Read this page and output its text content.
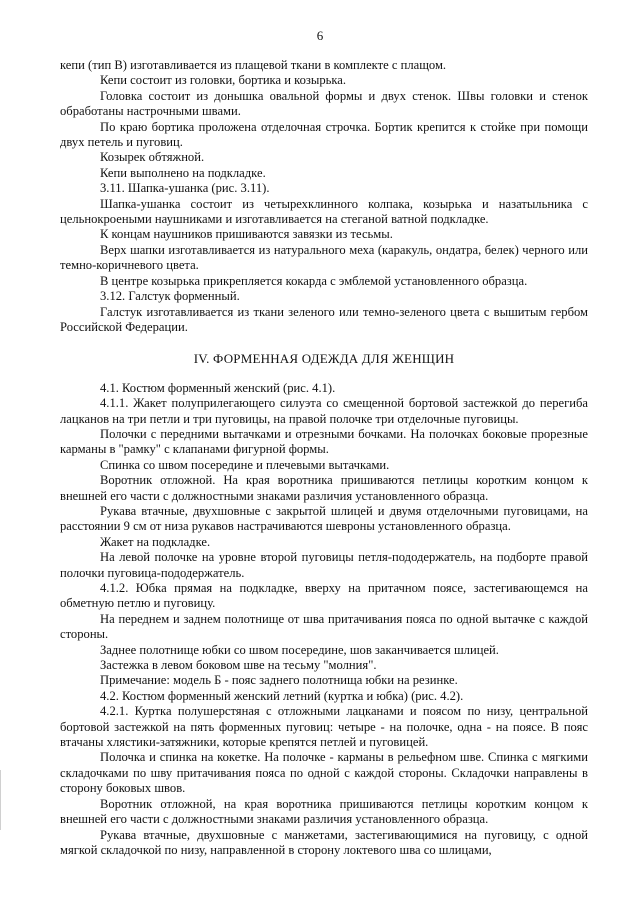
6

кепи (тип В) изготавливается из плащевой ткани в комплекте с плащом.

Кепи состоит из головки, бортика и козырька.

Головка состоит из донышка овальной формы и двух стенок. Швы головки и стенок обработаны настрочными швами.

По краю бортика проложена отделочная строчка. Бортик крепится к стойке при помощи двух петель и пуговиц.

Козырек обтяжной.

Кепи выполнено на подкладке.

3.11. Шапка-ушанка (рис. 3.11).

Шапка-ушанка состоит из четырехклинного колпака, козырька и назатыльника с цельнокроеными наушниками и изготавливается на стеганой ватной подкладке.

К концам наушников пришиваются завязки из тесьмы.

Верх шапки изготавливается из натурального меха (каракуль, ондатра, белек) черного или темно-коричневого цвета.

В центре козырька прикрепляется кокарда с эмблемой установленного образца.

3.12. Галстук форменный.

Галстук изготавливается из ткани зеленого или темно-зеленого цвета с вышитым гербом Российской Федерации.

IV. ФОРМЕННАЯ ОДЕЖДА ДЛЯ ЖЕНЩИН

4.1. Костюм форменный женский (рис. 4.1).

4.1.1. Жакет полуприлегающего силуэта со смещенной бортовой застежкой до перегиба лацканов на три петли и три пуговицы, на правой полочке три отделочные пуговицы.

Полочки с передними вытачками и отрезными бочками. На полочках боковые прорезные карманы в "рамку" с клапанами фигурной формы.

Спинка со швом посередине и плечевыми вытачками.

Воротник отложной. На края воротника пришиваются петлицы коротким концом к внешней его части с должностными знаками различия установленного образца.

Рукава втачные, двухшовные с закрытой шлицей и двумя отделочными пуговицами, на расстоянии 9 см от низа рукавов настрачиваются шевроны установленного образца.

Жакет на подкладке.

На левой полочке на уровне второй пуговицы петля-пододержатель, на подборте правой полочки пуговица-пододержатель.

4.1.2. Юбка прямая на подкладке, вверху на притачном поясе, застегивающемся на обметную петлю и пуговицу.

На переднем и заднем полотнище от шва притачивания пояса по одной вытачке с каждой стороны.

Заднее полотнище юбки со швом посередине, шов заканчивается шлицей.

Застежка в левом боковом шве на тесьму "молния".

Примечание: модель Б - пояс заднего полотнища юбки на резинке.

4.2. Костюм форменный женский летний (куртка и юбка) (рис. 4.2).

4.2.1. Куртка полушерстяная с отложными лацканами и поясом по низу, центральной бортовой застежкой на пять форменных пуговиц: четыре - на полочке, одна - на поясе. В пояс втачаны хлястики-затяжники, которые крепятся петлей и пуговицей.

Полочка и спинка на кокетке. На полочке - карманы в рельефном шве. Спинка с мягкими складочками по шву притачивания пояса по одной с каждой стороны. Складочки направлены в сторону боковых швов.

Воротник отложной, на края воротника пришиваются петлицы коротким концом к внешней его части с должностными знаками различия установленного образца.

Рукава втачные, двухшовные с манжетами, застегивающимися на пуговицу, с одной мягкой складочкой по низу, направленной в сторону локтевого шва со шлицами,
